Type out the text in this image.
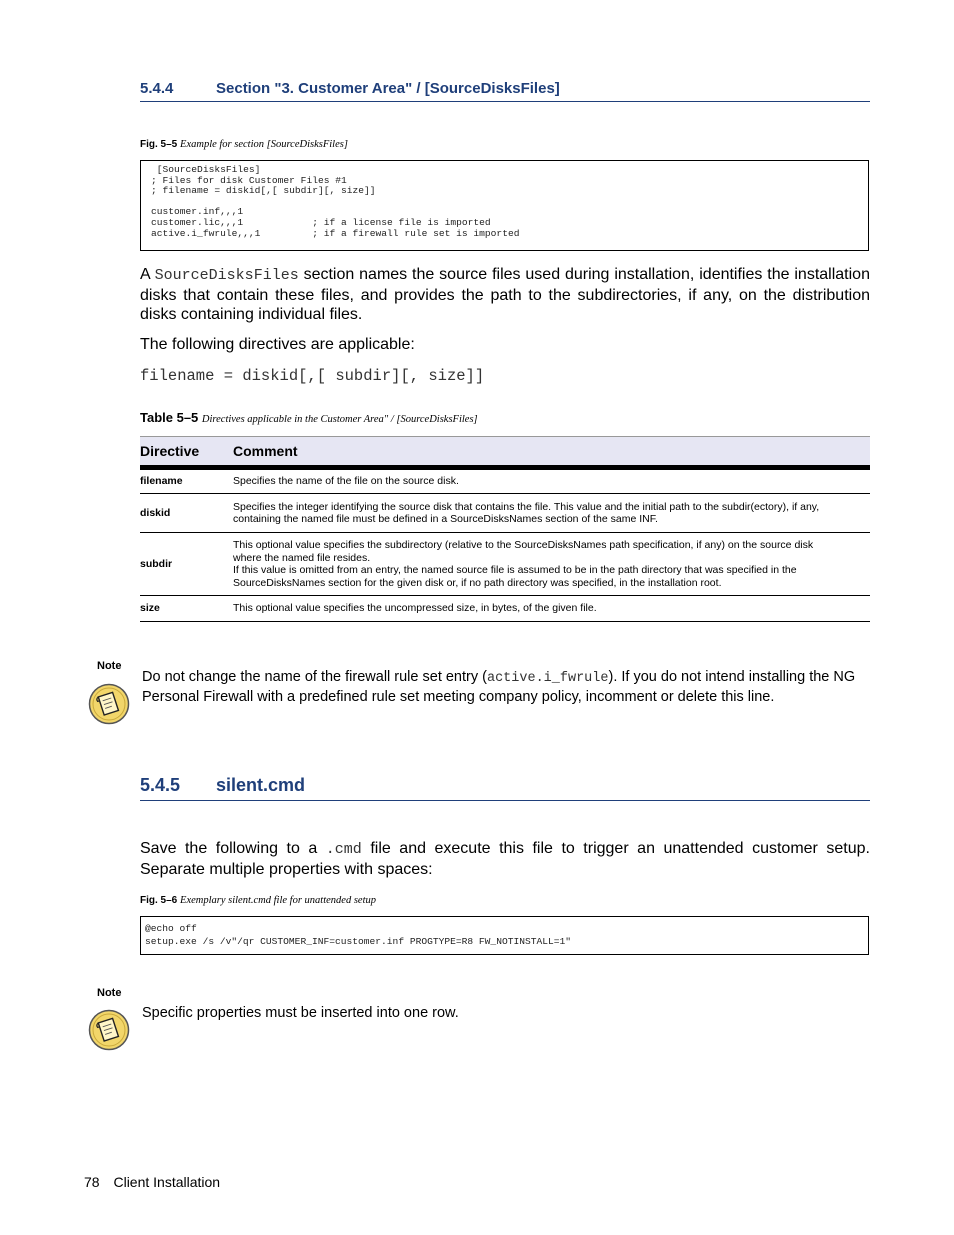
5.4.4	Section "3. Customer Area" / [SourceDisksFiles]
Fig. 5–5 Example for section [SourceDisksFiles]
[SourceDisksFiles]
; Files for disk Customer Files #1
; filename = diskid[,[ subdir][, size]]
customer.inf,,,1
customer.lic,,,1            ; if a license file is imported
active.i_fwrule,,,1         ; if a firewall rule set is imported
A SourceDisksFiles section names the source files used during installation, identifies the installation disks that contain these files, and provides the path to the subdirectories, if any, on the distribution disks containing individual files.
The following directives are applicable:
filename = diskid[,[ subdir][, size]]
Table 5–5 Directives applicable in the Customer Area" / [SourceDisksFiles]
Directive	Comment
filename	Specifies the name of the file on the source disk.

diskid	Specifies the integer identifying the source disk that contains the file. This value and the initial path to the subdir(ectory), if any,
containing the named file must be defined in a SourceDisksNames section of the same INF.

subdir	This optional value specifies the subdirectory (relative to the SourceDisksNames path specification, if any) on the source disk
where the named file resides.
If this value is omitted from an entry, the named source file is assumed to be in the path directory that was specified in the
SourceDisksNames section for the given disk or, if no path directory was specified, in the installation root.

size	This optional value specifies the uncompressed size, in bytes, of the given file.
Note
Do not change the name of the firewall rule set entry (active.i_fwrule). If you do not intend installing the NG Personal Firewall with a predefined rule set meeting company policy, incomment or delete this line.
5.4.5 silent.cmd
Save the following to a .cmd file and execute this file to trigger an unattended customer setup. Separate multiple properties with spaces:
Fig. 5–6 Exemplary silent.cmd file for unattended setup
@echo off
setup.exe /s /v"/qr CUSTOMER_INF=customer.inf PROGTYPE=R8 FW_NOTINSTALL=1"
Note
Specific properties must be inserted into one row.
78 Client Installation
